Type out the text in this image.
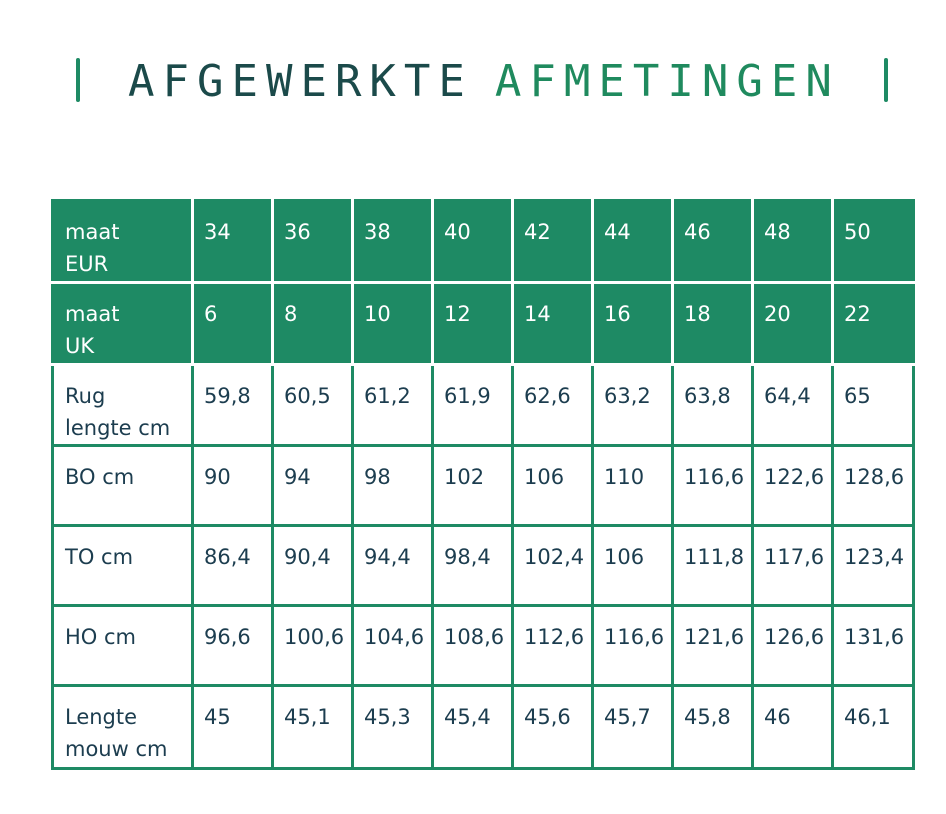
AFGEWERKTE AFMETINGEN
maat
EUR	34	36	38	40	42	44	46	48	50

maat
UK	6	8	10	12	14	16	18	20	22

Rug
lengte cm	59,8	60,5	61,2	61,9	62,6	63,2	63,8	64,4	65

BO cm	90	94	98	102	106	110	116,6	122,6	128,6

TO cm	86,4	90,4	94,4	98,4	102,4	106	111,8	117,6	123,4

HO cm	96,6	100,6	104,6	108,6	112,6	116,6	121,6	126,6	131,6

Lengte
mouw cm	45	45,1	45,3	45,4	45,6	45,7	45,8	46	46,1
